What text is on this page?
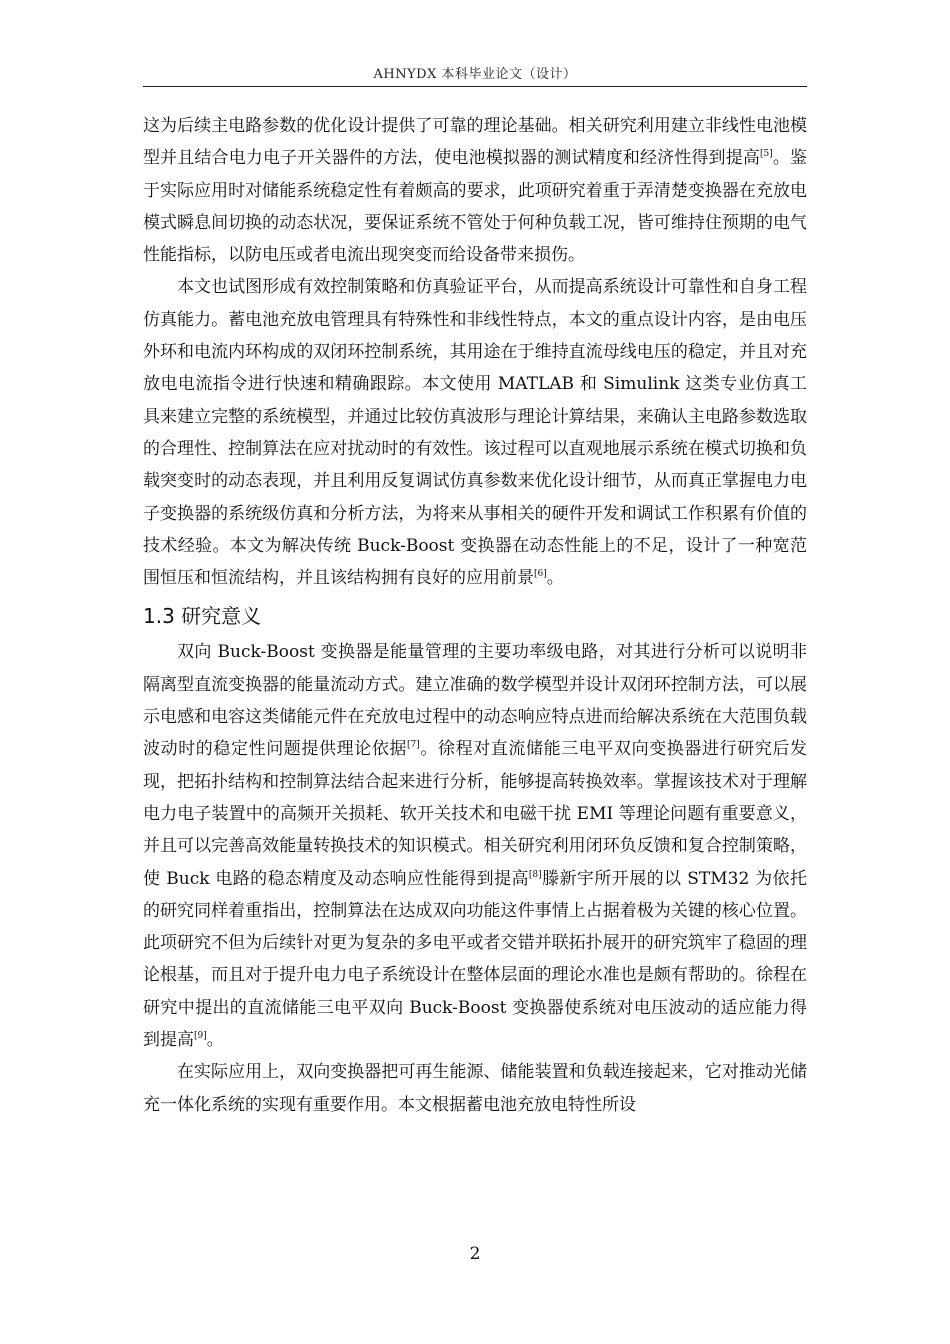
AHNYDX 本科毕业论文（设计）

这为后续主电路参数的优化设计提供了可靠的理论基础。相关研究利用建立非线性电池模型并且结合电力电子开关器件的方法，使电池模拟器的测试精度和经济性得到提高[5]。鉴于实际应用时对储能系统稳定性有着颇高的要求，此项研究着重于弄清楚变换器在充放电模式瞬息间切换的动态状况，要保证系统不管处于何种负载工况，皆可维持住预期的电气性能指标，以防电压或者电流出现突变而给设备带来损伤。

本文也试图形成有效控制策略和仿真验证平台，从而提高系统设计可靠性和自身工程仿真能力。蓄电池充放电管理具有特殊性和非线性特点，本文的重点设计内容，是由电压外环和电流内环构成的双闭环控制系统，其用途在于维持直流母线电压的稳定，并且对充放电电流指令进行快速和精确跟踪。本文使用 MATLAB 和 Simulink 这类专业仿真工具来建立完整的系统模型，并通过比较仿真波形与理论计算结果，来确认主电路参数选取的合理性、控制算法在应对扰动时的有效性。该过程可以直观地展示系统在模式切换和负载突变时的动态表现，并且利用反复调试仿真参数来优化设计细节，从而真正掌握电力电子变换器的系统级仿真和分析方法，为将来从事相关的硬件开发和调试工作积累有价值的技术经验。本文为解决传统 Buck-Boost 变换器在动态性能上的不足，设计了一种宽范围恒压和恒流结构，并且该结构拥有良好的应用前景[6]。

1.3 研究意义

双向 Buck-Boost 变换器是能量管理的主要功率级电路，对其进行分析可以说明非隔离型直流变换器的能量流动方式。建立准确的数学模型并设计双闭环控制方法，可以展示电感和电容这类储能元件在充放电过程中的动态响应特点进而给解决系统在大范围负载波动时的稳定性问题提供理论依据[7]。徐程对直流储能三电平双向变换器进行研究后发现，把拓扑结构和控制算法结合起来进行分析，能够提高转换效率。掌握该技术对于理解电力电子装置中的高频开关损耗、软开关技术和电磁干扰 EMI 等理论问题有重要意义，并且可以完善高效能量转换技术的知识模式。相关研究利用闭环负反馈和复合控制策略，使 Buck 电路的稳态精度及动态响应性能得到提高[8]滕新宇所开展的以 STM32 为依托的研究同样着重指出，控制算法在达成双向功能这件事情上占据着极为关键的核心位置。此项研究不但为后续针对更为复杂的多电平或者交错并联拓扑展开的研究筑牢了稳固的理论根基，而且对于提升电力电子系统设计在整体层面的理论水准也是颇有帮助的。徐程在研究中提出的直流储能三电平双向 Buck-Boost 变换器使系统对电压波动的适应能力得到提高[9]。

在实际应用上，双向变换器把可再生能源、储能装置和负载连接起来，它对推动光储充一体化系统的实现有重要作用。本文根据蓄电池充放电特性所设

2
